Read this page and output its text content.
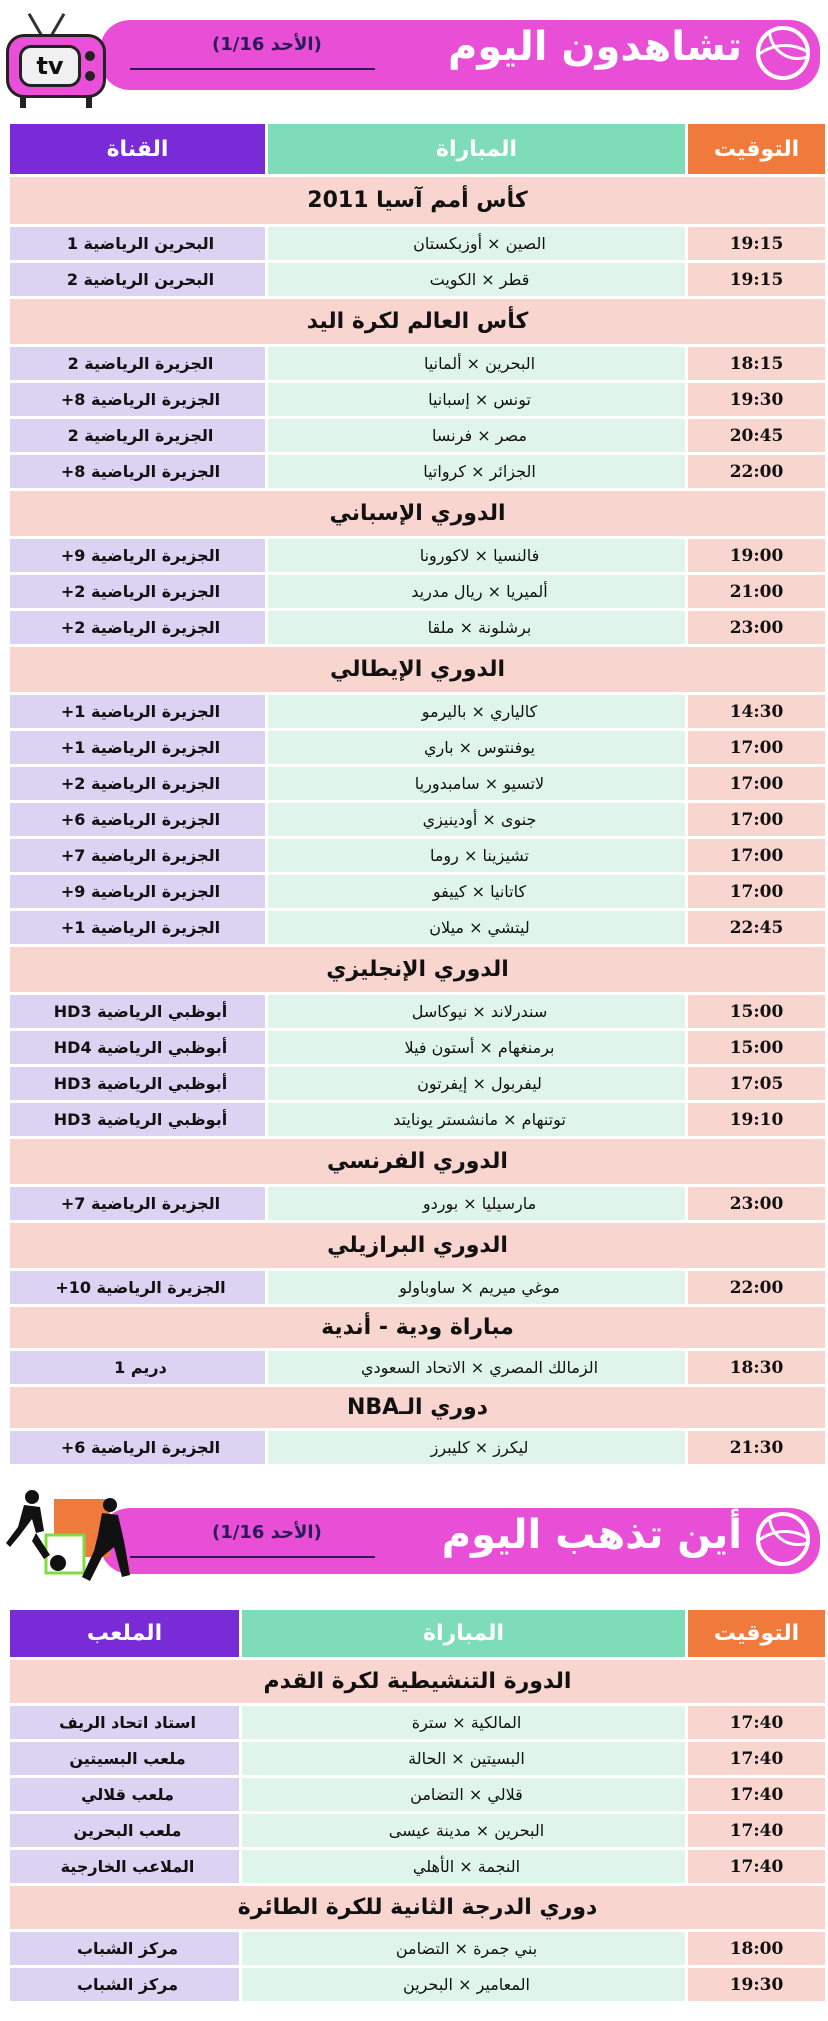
تشاهدون اليوم
(الأحد 1/16)
tv
القناة	المباراة	التوقيت
كأس أمم آسيا 2011		
البحرين الرياضية 1	الصين × أوزبكستان	19:15
البحرين الرياضية 2	قطر × الكويت	19:15
كأس العالم لكرة اليد		
الجزيرة الرياضية 2	البحرين × ألمانيا	18:15
الجزيرة الرياضية 8+	تونس × إسبانيا	19:30
الجزيرة الرياضية 2	مصر × فرنسا	20:45
الجزيرة الرياضية 8+	الجزائر × كرواتيا	22:00
الدوري الإسباني		
الجزيرة الرياضية 9+	فالنسيا × لاكورونا	19:00
الجزيرة الرياضية 2+	ألميريا × ريال مدريد	21:00
الجزيرة الرياضية 2+	برشلونة × ملقا	23:00
الدوري الإيطالي		
الجزيرة الرياضية 1+	كالياري × باليرمو	14:30
الجزيرة الرياضية 1+	يوفنتوس × باري	17:00
الجزيرة الرياضية 2+	لاتسيو × سامبدوريا	17:00
الجزيرة الرياضية 6+	جنوى × أودينيزي	17:00
الجزيرة الرياضية 7+	تشيزينا × روما	17:00
الجزيرة الرياضية 9+	كاتانيا × كييفو	17:00
الجزيرة الرياضية 1+	ليتشي × ميلان	22:45
الدوري الإنجليزي		
أبوظبي الرياضية HD3	سندرلاند × نيوكاسل	15:00
أبوظبي الرياضية HD4	برمنغهام × أستون فيلا	15:00
أبوظبي الرياضية HD3	ليفربول × إيفرتون	17:05
أبوظبي الرياضية HD3	توتنهام × مانشستر يونايتد	19:10
الدوري الفرنسي		
الجزيرة الرياضية 7+	مارسيليا × بوردو	23:00
الدوري البرازيلي		
الجزيرة الرياضية 10+	موغي ميريم × ساوباولو	22:00
مباراة ودية - أندية		
دريم 1	الزمالك المصري × الاتحاد السعودي	18:30
دوري الـNBA		
الجزيرة الرياضية 6+	ليكرز × كليبرز	21:30
أين تذهب اليوم
(الأحد 1/16)
الملعب	المباراة	التوقيت
الدورة التنشيطية لكرة القدم		
استاد اتحاد الريف	المالكية × سترة	17:40
ملعب البسيتين	البسيتين × الحالة	17:40
ملعب قلالي	قلالي × التضامن	17:40
ملعب البحرين	البحرين × مدينة عيسى	17:40
الملاعب الخارجية	النجمة × الأهلي	17:40
دوري الدرجة الثانية للكرة الطائرة		
مركز الشباب	بني جمرة × التضامن	18:00
مركز الشباب	المعامير × البحرين	19:30
